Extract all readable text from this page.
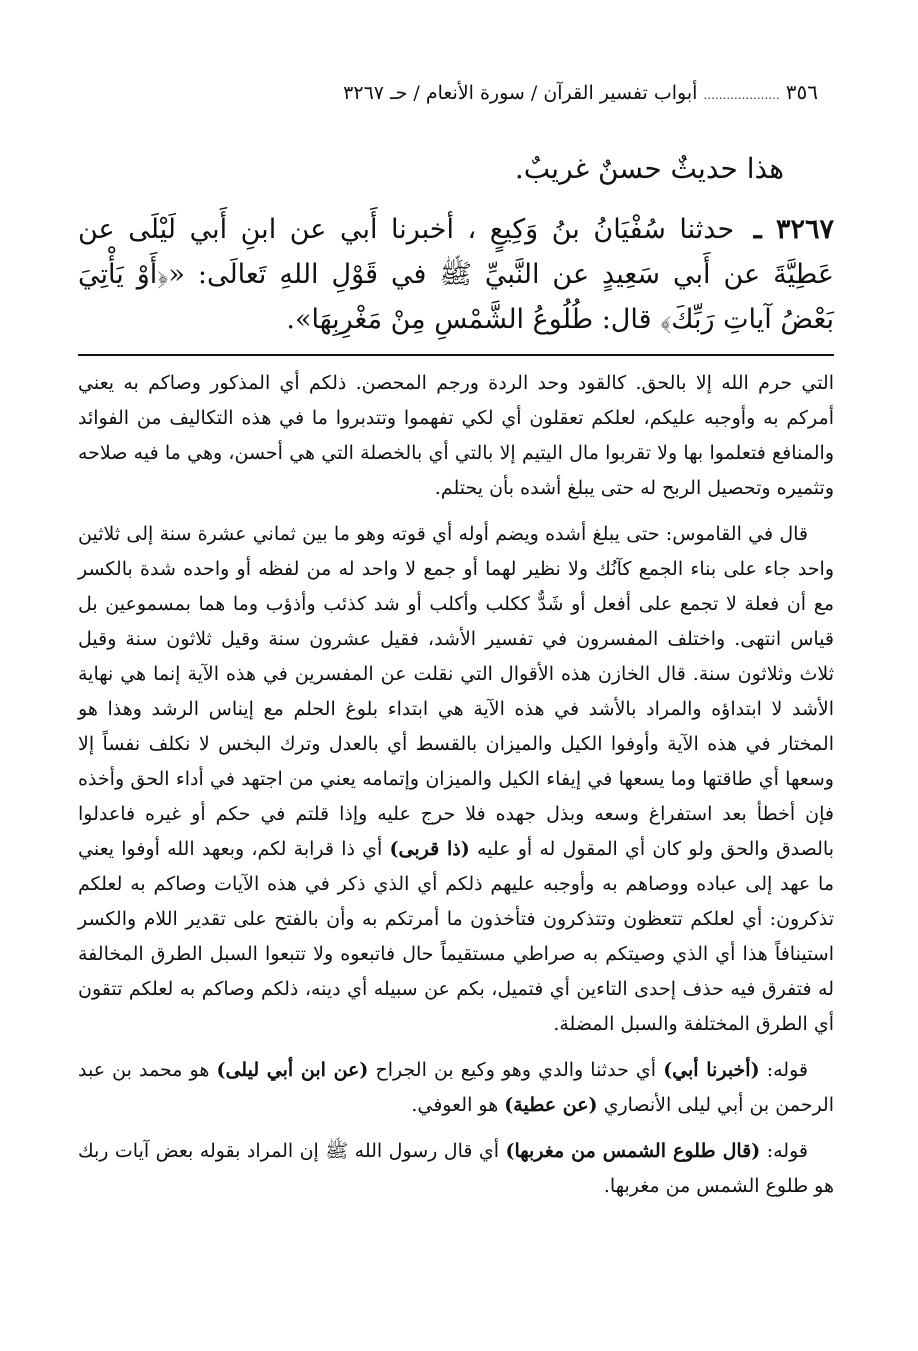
٣٥٦
.................... أبواب تفسير القرآن / سورة الأنعام / حـ ٣٢٦٧
هذا حديثٌ حسنٌ غريبٌ.
٣٢٦٧ ـ حدثنا سُفْيَانُ بنُ وَكِيعٍ ، أخبرنا أَبي عن ابنِ أَبي لَيْلَى عن عَطِيَّةَ عن أَبي سَعِيدٍ عن النَّبيِّ ﷺ في قَوْلِ اللهِ تَعالَى: «﴿أَوْ يَأْتِيَ بَعْضُ آياتِ رَبِّكَ﴾ قال: طُلُوعُ الشَّمْسِ مِنْ مَغْرِبِهَا».

التي حرم الله إلا بالحق. كالقود وحد الردة ورجم المحصن. ذلكم أي المذكور وصاكم به يعني أمركم به وأوجبه عليكم، لعلكم تعقلون أي لكي تفهموا وتتدبروا ما في هذه التكاليف من الفوائد والمنافع فتعلموا بها ولا تقربوا مال اليتيم إلا بالتي أي بالخصلة التي هي أحسن، وهي ما فيه صلاحه وتثميره وتحصيل الربح له حتى يبلغ أشده بأن يحتلم.

قال في القاموس: حتى يبلغ أشده ويضم أوله أي قوته وهو ما بين ثماني عشرة سنة إلى ثلاثين واحد جاء على بناء الجمع كآنُك ولا نظير لهما أو جمع لا واحد له من لفظه أو واحده شدة بالكسر مع أن فعلة لا تجمع على أفعل أو شَدٌّ ككلب وأكلب أو شد كذئب وأذؤب وما هما بمسموعين بل قياس انتهى. واختلف المفسرون في تفسير الأشد، فقيل عشرون سنة وقيل ثلاثون سنة وقيل ثلاث وثلاثون سنة. قال الخازن هذه الأقوال التي نقلت عن المفسرين في هذه الآية إنما هي نهاية الأشد لا ابتداؤه والمراد بالأشد في هذه الآية هي ابتداء بلوغ الحلم مع إيناس الرشد وهذا هو المختار في هذه الآية وأوفوا الكيل والميزان بالقسط أي بالعدل وترك البخس لا نكلف نفساً إلا وسعها أي طاقتها وما يسعها في إيفاء الكيل والميزان وإتمامه يعني من اجتهد في أداء الحق وأخذه فإن أخطأ بعد استفراغ وسعه وبذل جهده فلا حرج عليه وإذا قلتم في حكم أو غيره فاعدلوا بالصدق والحق ولو كان أي المقول له أو عليه (ذا قربى) أي ذا قرابة لكم، وبعهد الله أوفوا يعني ما عهد إلى عباده ووصاهم به وأوجبه عليهم ذلكم أي الذي ذكر في هذه الآيات وصاكم به لعلكم تذكرون: أي لعلكم تتعظون وتتذكرون فتأخذون ما أمرتكم به وأن بالفتح على تقدير اللام والكسر استينافاً هذا أي الذي وصيتكم به صراطي مستقيماً حال فاتبعوه ولا تتبعوا السبل الطرق المخالفة له فتفرق فيه حذف إحدى التاءين أي فتميل، بكم عن سبيله أي دينه، ذلكم وصاكم به لعلكم تتقون أي الطرق المختلفة والسبل المضلة.

قوله: (أخبرنا أبي) أي حدثنا والدي وهو وكيع بن الجراح (عن ابن أبي ليلى) هو محمد بن عبد الرحمن بن أبي ليلى الأنصاري (عن عطية) هو العوفي.

قوله: (قال طلوع الشمس من مغربها) أي قال رسول الله ﷺ إن المراد بقوله بعض آيات ربك هو طلوع الشمس من مغربها.
